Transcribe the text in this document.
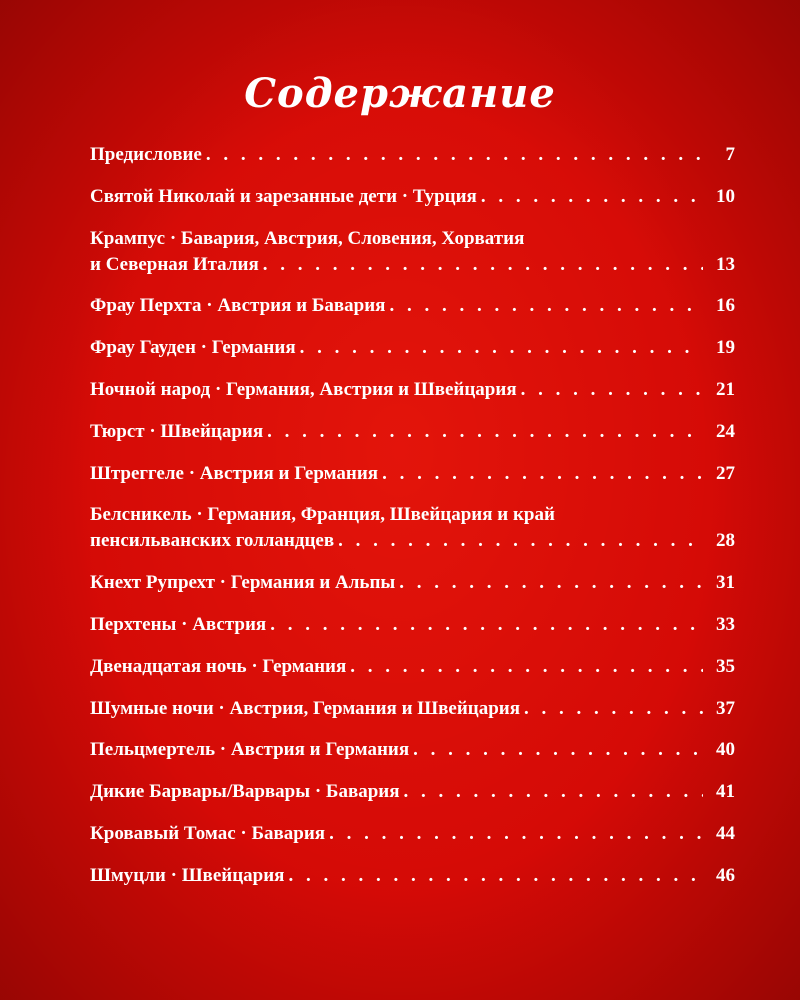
Содержание
Предисловие . . .	7
Святой Николай и зарезанные дети · Турция . . .	10
Крампус · Бавария, Австрия, Словения, Хорватия
и Северная Италия . . .	13
Фрау Перхта · Австрия и Бавария . . .	16
Фрау Гауден · Германия . . .	19
Ночной народ · Германия, Австрия и Швейцария . . .	21
Тюрст · Швейцария . . .	24
Штреггеле · Австрия и Германия . . .	27
Белсникель · Германия, Франция, Швейцария и край
пенсильванских голландцев . . .	28
Кнехт Рупрехт · Германия и Альпы . . .	31
Перхтены · Австрия . . .	33
Двенадцатая ночь · Германия . . .	35
Шумные ночи · Австрия, Германия и Швейцария . . .	37
Пельцмертель · Австрия и Германия . . .	40
Дикие Барвары/Варвары · Бавария . . .	41
Кровавый Томас · Бавария . . .	44
Шмуцли · Швейцария . . .	46
